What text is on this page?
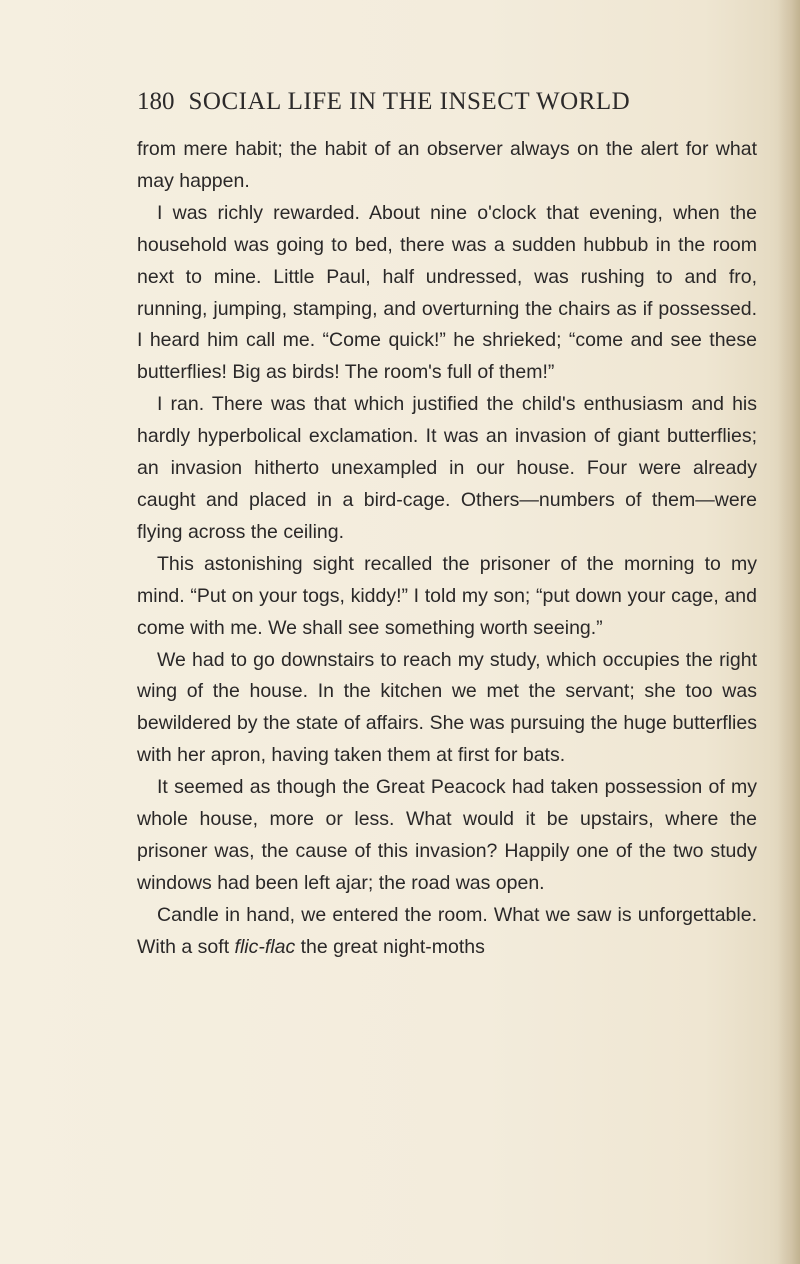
180 SOCIAL LIFE IN THE INSECT WORLD

from mere habit; the habit of an observer always on the alert for what may happen.

I was richly rewarded. About nine o'clock that evening, when the household was going to bed, there was a sudden hubbub in the room next to mine. Little Paul, half undressed, was rushing to and fro, running, jumping, stamping, and overturning the chairs as if possessed. I heard him call me. “Come quick!” he shrieked; “come and see these butterflies! Big as birds! The room's full of them!”

I ran. There was that which justified the child's enthusiasm and his hardly hyperbolical exclamation. It was an invasion of giant butterflies; an invasion hitherto unexampled in our house. Four were already caught and placed in a bird-cage. Others—numbers of them—were flying across the ceiling.

This astonishing sight recalled the prisoner of the morning to my mind. “Put on your togs, kiddy!” I told my son; “put down your cage, and come with me. We shall see something worth seeing.”

We had to go downstairs to reach my study, which occupies the right wing of the house. In the kitchen we met the servant; she too was bewildered by the state of affairs. She was pursuing the huge butterflies with her apron, having taken them at first for bats.

It seemed as though the Great Peacock had taken possession of my whole house, more or less. What would it be upstairs, where the prisoner was, the cause of this invasion? Happily one of the two study windows had been left ajar; the road was open.

Candle in hand, we entered the room. What we saw is unforgettable. With a soft flic-flac the great night-moths
